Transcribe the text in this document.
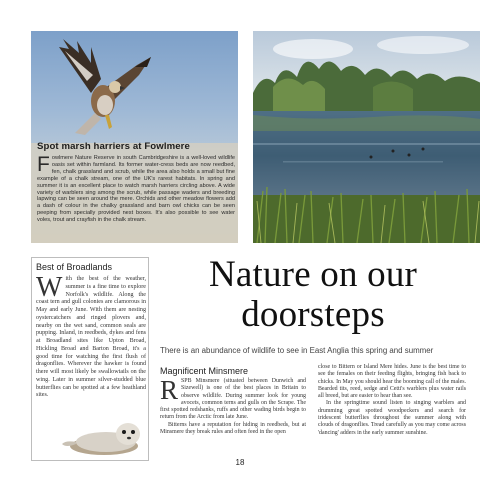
Spot marsh harriers at Fowlmere
Fowlmere Nature Reserve in south Cambridgeshire is a well-loved wildlife oasis set within farmland. Its former water-cress beds are now reedbed, fen, chalk grassland and scrub, while the area also holds a small but fine example of a chalk stream, one of the UK's rarest habitats. In spring and summer it is an excellent place to watch marsh harriers circling above. A wide variety of warblers sing among the scrub, while passage waders and breeding lapwing can be seen around the mere. Orchids and other meadow flowers add a dash of colour in the chalky grassland and barn owl chicks can be seen peeping from specially provided nest boxes. It's also possible to see water voles, trout and crayfish in the chalk stream.
Best of Broadlands
With the best of the weather, summer is a fine time to explore Norfolk's wildlife. Along the coast tern and gull colonies are clamorous in May and early June. With them are nesting oystercatchers and ringed plovers and, nearby on the wet sand, common seals are pupping. Inland, in reedbeds, dykes and fens at Broadland sites like Upton Broad, Hickling Broad and Barton Broad, it's a good time for watching the first flush of dragonflies. Wherever the hawker is found there will most likely be swallowtails on the wing. Later in summer silver-studded blue butterflies can be spotted at a few heathland sites.
Nature on our
doorsteps
There is an abundance of wildlife to see in East Anglia this spring and summer
Magnificent Minsmere
RSPB Minsmere (situated between Dunwich and Sizewell) is one of the best places in Britain to observe wildlife. During summer look for young avocets, common terns and gulls on the Scrape. The first spotted redshanks, ruffs and other wading birds begin to return from the Arctic from late June.
Bitterns have a reputation for hiding in reedbeds, but at Minsmere they break rules and often feed in the open
close to Bittern or Island Mere hides. June is the best time to see the females on their feeding flights, bringing fish back to chicks. In May you should hear the booming call of the males. Bearded tits, reed, sedge and Cetti's warblers plus water rails all breed, but are easier to hear than see.
In the springtime sound listen to singing warblers and drumming great spotted woodpeckers and search for iridescent butterflies throughout the summer along with clouds of dragonflies. Tread carefully as you may come across 'dancing' adders in the early summer sunshine.
18
